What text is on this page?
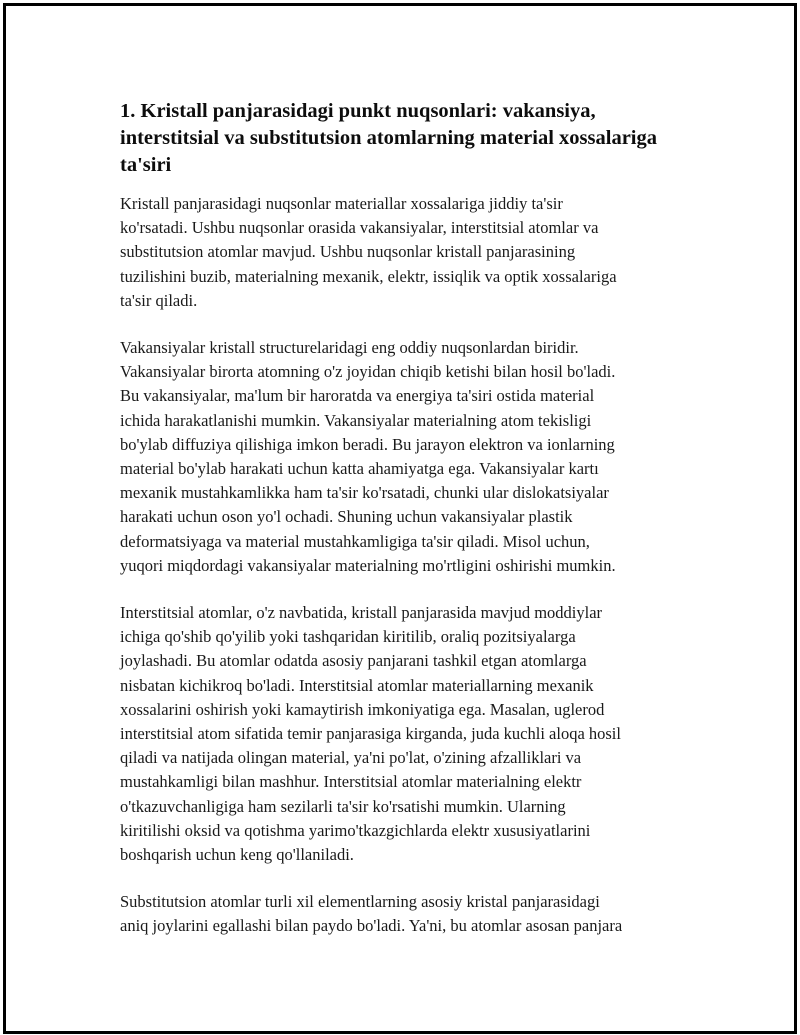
1. Kristall panjarasidagi punkt nuqsonlari: vakansiya,
interstitsial va substitutsion atomlarning material xossalariga
ta'siri

Kristall panjarasidagi nuqsonlar materiallar xossalariga jiddiy ta'sir
ko'rsatadi. Ushbu nuqsonlar orasida vakansiyalar, interstitsial atomlar va
substitutsion atomlar mavjud. Ushbu nuqsonlar kristall panjarasining
tuzilishini buzib, materialning mexanik, elektr, issiqlik va optik xossalariga
ta'sir qiladi.

Vakansiyalar kristall structurelaridagi eng oddiy nuqsonlardan biridir.
Vakansiyalar birorta atomning o'z joyidan chiqib ketishi bilan hosil bo'ladi.
Bu vakansiyalar, ma'lum bir haroratda va energiya ta'siri ostida material
ichida harakatlanishi mumkin. Vakansiyalar materialning atom tekisligi
bo'ylab diffuziya qilishiga imkon beradi. Bu jarayon elektron va ionlarning
material bo'ylab harakati uchun katta ahamiyatga ega. Vakansiyalar kartı
mexanik mustahkamlikka ham ta'sir ko'rsatadi, chunki ular dislokatsiyalar
harakati uchun oson yo'l ochadi. Shuning uchun vakansiyalar plastik
deformatsiyaga va material mustahkamligiga ta'sir qiladi. Misol uchun,
yuqori miqdordagi vakansiyalar materialning mo'rtligini oshirishi mumkin.

Interstitsial atomlar, o'z navbatida, kristall panjarasida mavjud moddiylar
ichiga qo'shib qo'yilib yoki tashqaridan kiritilib, oraliq pozitsiyalarga
joylashadi. Bu atomlar odatda asosiy panjarani tashkil etgan atomlarga
nisbatan kichikroq bo'ladi. Interstitsial atomlar materiallarning mexanik
xossalarini oshirish yoki kamaytirish imkoniyatiga ega. Masalan, uglerod
interstitsial atom sifatida temir panjarasiga kirganda, juda kuchli aloqa hosil
qiladi va natijada olingan material, ya'ni po'lat, o'zining afzalliklari va
mustahkamligi bilan mashhur. Interstitsial atomlar materialning elektr
o'tkazuvchanligiga ham sezilarli ta'sir ko'rsatishi mumkin. Ularning
kiritilishi oksid va qotishma yarimo'tkazgichlarda elektr xususiyatlarini
boshqarish uchun keng qo'llaniladi.

Substitutsion atomlar turli xil elementlarning asosiy kristal panjarasidagi
aniq joylarini egallashi bilan paydo bo'ladi. Ya'ni, bu atomlar asosan panjara
